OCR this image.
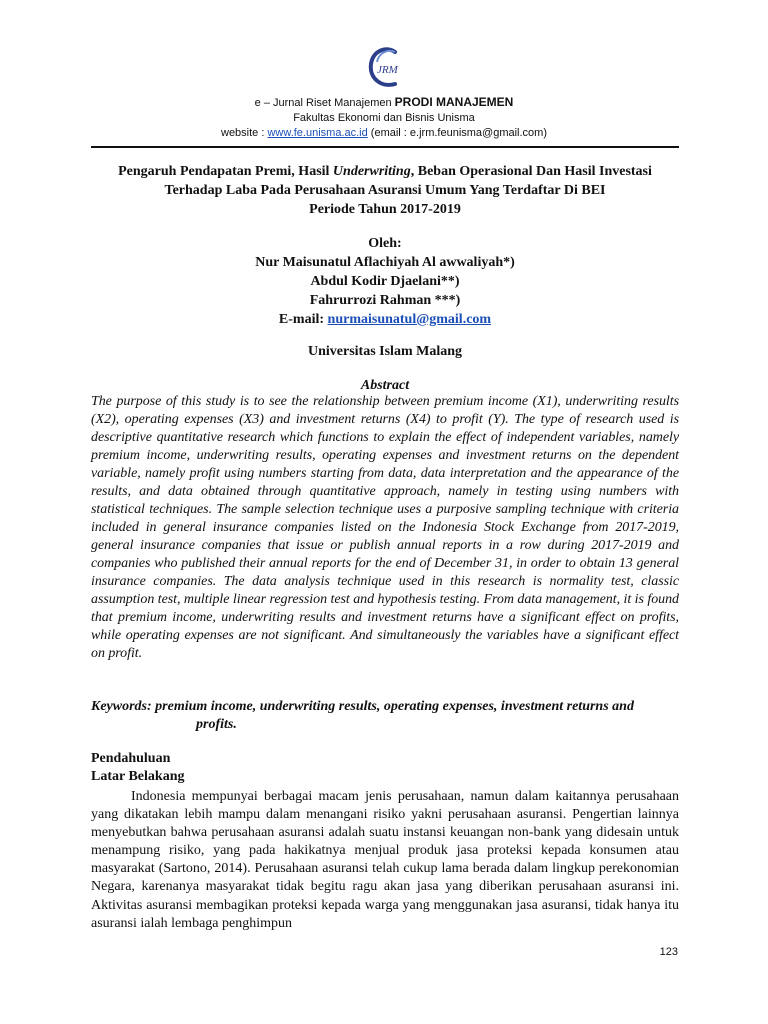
JRM
e – Jurnal Riset Manajemen PRODI MANAJEMEN
Fakultas Ekonomi dan Bisnis Unisma
website : www.fe.unisma.ac.id (email : e.jrm.feunisma@gmail.com)
Pengaruh Pendapatan Premi, Hasil Underwriting, Beban Operasional Dan Hasil Investasi
Terhadap Laba Pada Perusahaan Asuransi Umum Yang Terdaftar Di BEI
Periode Tahun 2017-2019
Oleh:
Nur Maisunatul Aflachiyah Al awwaliyah*)
Abdul Kodir Djaelani**)
Fahrurrozi Rahman ***)
E-mail: nurmaisunatul@gmail.com
Universitas Islam Malang
Abstract
The purpose of this study is to see the relationship between premium income (X1), underwriting results (X2), operating expenses (X3) and investment returns (X4) to profit (Y). The type of research used is descriptive quantitative research which functions to explain the effect of independent variables, namely premium income, underwriting results, operating expenses and investment returns on the dependent variable, namely profit using numbers starting from data, data interpretation and the appearance of the results, and data obtained through quantitative approach, namely in testing using numbers with statistical techniques. The sample selection technique uses a purposive sampling technique with criteria included in general insurance companies listed on the Indonesia Stock Exchange from 2017-2019, general insurance companies that issue or publish annual reports in a row during 2017-2019 and companies who published their annual reports for the end of December 31, in order to obtain 13 general insurance companies. The data analysis technique used in this research is normality test, classic assumption test, multiple linear regression test and hypothesis testing. From data management, it is found that premium income, underwriting results and investment returns have a significant effect on profits, while operating expenses are not significant. And simultaneously the variables have a significant effect on profit.
Keywords: premium income, underwriting results, operating expenses, investment returns and
profits.
Pendahuluan
Latar Belakang

Indonesia mempunyai berbagai macam jenis perusahaan, namun dalam kaitannya perusahaan yang dikatakan lebih mampu dalam menangani risiko yakni perusahaan asuransi. Pengertian lainnya menyebutkan bahwa perusahaan asuransi adalah suatu instansi keuangan non-bank yang didesain untuk menampung risiko, yang pada hakikatnya menjual produk jasa proteksi kepada konsumen atau masyarakat (Sartono, 2014). Perusahaan asuransi telah cukup lama berada dalam lingkup perekonomian Negara, karenanya masyarakat tidak begitu ragu akan jasa yang diberikan perusahaan asuransi ini. Aktivitas asuransi membagikan proteksi kepada warga yang menggunakan jasa asuransi, tidak hanya itu asuransi ialah lembaga penghimpun

123
